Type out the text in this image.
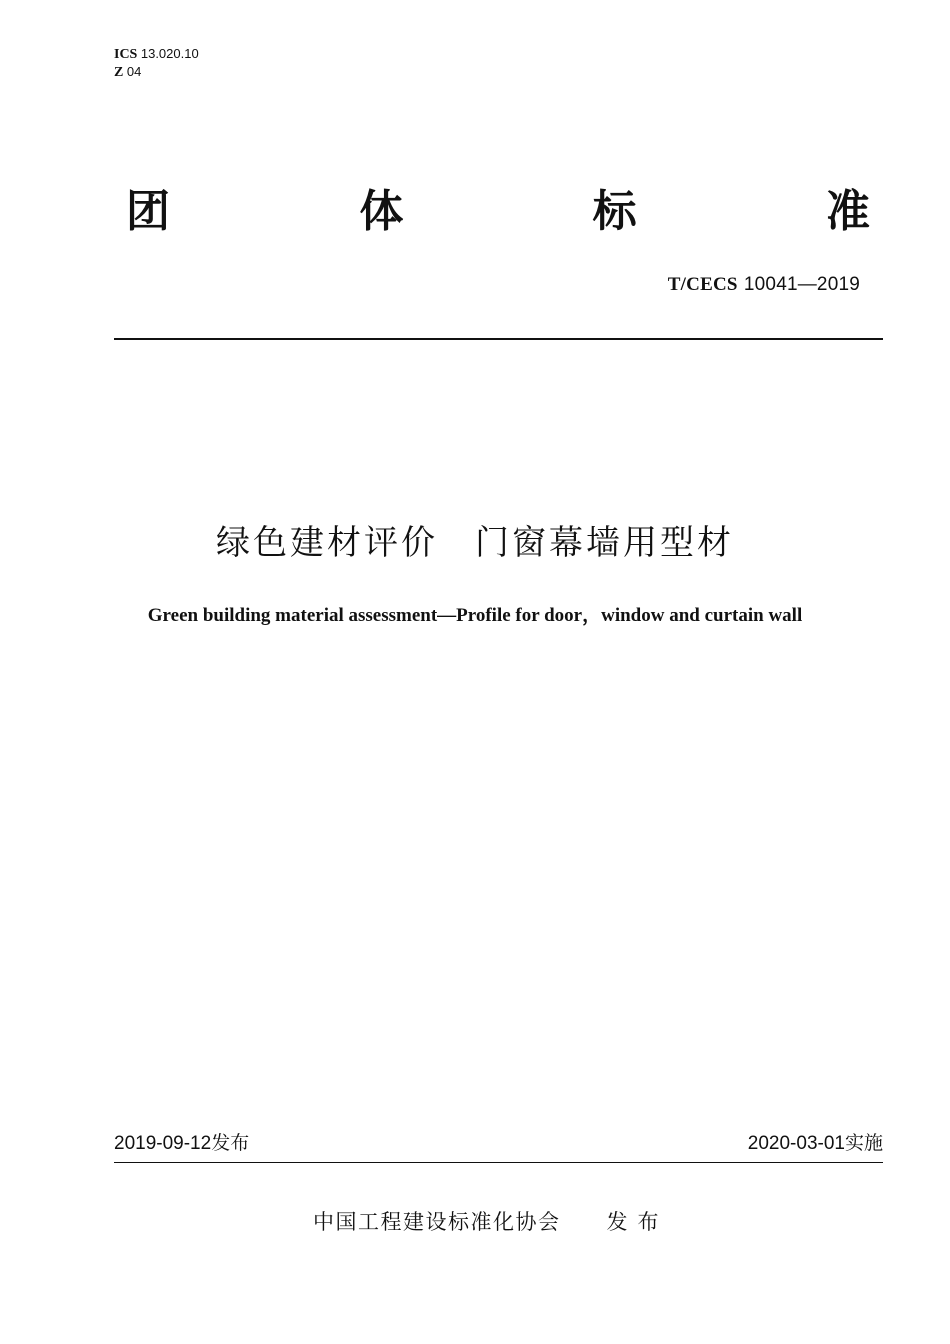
ICS 13.020.10
Z 04
团	体	标	准
T/CECS 10041—2019
绿色建材评价　门窗幕墙用型材
Green building material assessment—Profile for door，window and curtain wall
2019-09-12发布	2020-03-01实施
中国工程建设标准化协会 发布
